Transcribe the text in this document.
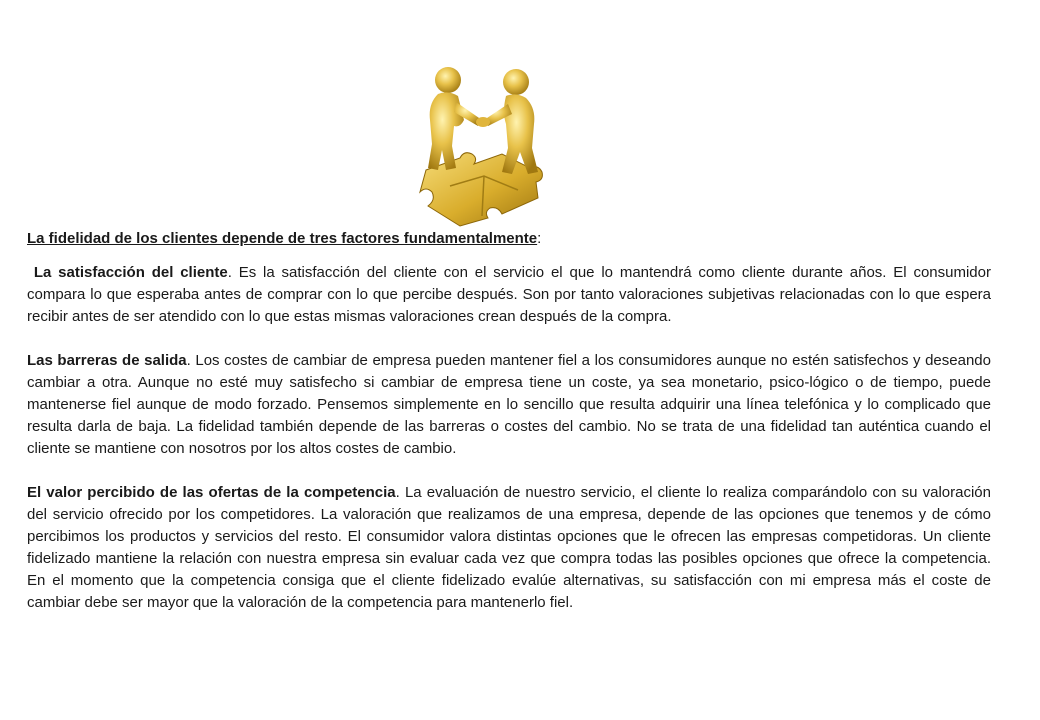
La fidelidad de los clientes depende de tres factores fundamentalmente:

La satisfacción del cliente. Es la satisfacción del cliente con el servicio el que lo mantendrá como cliente durante años. El consumidor compara lo que esperaba antes de comprar con lo que percibe después. Son por tanto valoraciones subjetivas relacionadas con lo que espera recibir antes de ser atendido con lo que estas mismas valoraciones crean después de la compra.

Las barreras de salida. Los costes de cambiar de empresa pueden mantener fiel a los consumidores aunque no estén satisfechos y deseando cambiar a otra. Aunque no esté muy satisfecho si cambiar de empresa tiene un coste, ya sea monetario, psico-lógico o de tiempo, puede mantenerse fiel aunque de modo forzado. Pensemos simplemente en lo sencillo que resulta adquirir una línea telefónica y lo complicado que resulta darla de baja. La fidelidad también depende de las barreras o costes del cambio. No se trata de una fidelidad tan auténtica cuando el cliente se mantiene con nosotros por los altos costes de cambio.

El valor percibido de las ofertas de la competencia. La evaluación de nuestro servicio, el cliente lo realiza comparándolo con su valoración del servicio ofrecido por los competidores. La valoración que realizamos de una empresa, depende de las opciones que tenemos y de cómo percibimos los productos y servicios del resto. El consumidor valora distintas opciones que le ofrecen las empresas competidoras. Un cliente fidelizado mantiene la relación con nuestra empresa sin evaluar cada vez que compra todas las posibles opciones que ofrece la competencia. En el momento que la competencia consiga que el cliente fidelizado evalúe alternativas, su satisfacción con mi empresa más el coste de cambiar debe ser mayor que la valoración de la competencia para mantenerlo fiel.
